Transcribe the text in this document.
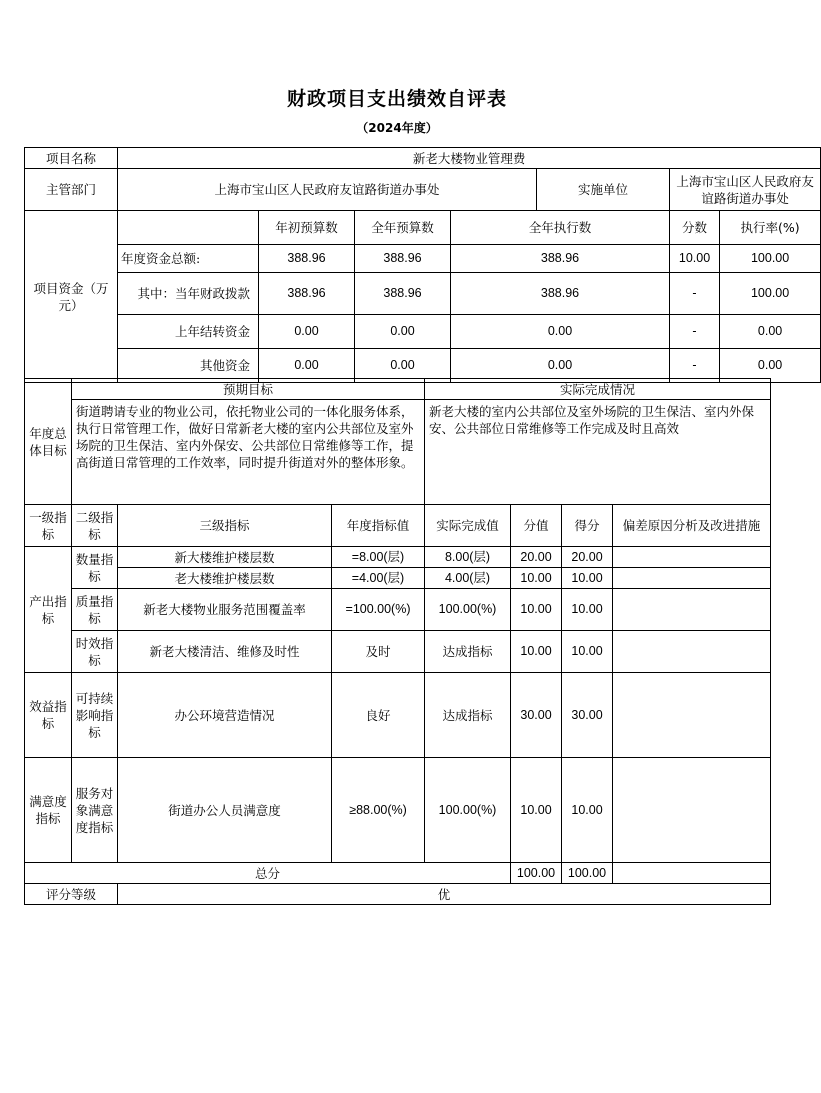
财政项目支出绩效自评表
（2024年度）
项目名称	新老大楼物业管理费						
主管部门	上海市宝山区人民政府友谊路街道办事处				实施单位	上海市宝山区人民政府友谊路街道办事处	
项目资金（万元）		年初预算数	全年预算数	全年执行数		分数	执行率(%)
	年度资金总额:	388.96	388.96	388.96		10.00	100.00
	其中：当年财政拨款	388.96	388.96	388.96		-	100.00
	上年结转资金	0.00	0.00	0.00		-	0.00
	其他资金	0.00	0.00	0.00		-	0.00
年度总体目标	预期目标			实际完成情况			
	街道聘请专业的物业公司，依托物业公司的一体化服务体系，执行日常管理工作，做好日常新老大楼的室内公共部位及室外场院的卫生保洁、室内外保安、公共部位日常维修等工作，提高街道日常管理的工作效率，同时提升街道对外的整体形象。			新老大楼的室内公共部位及室外场院的卫生保洁、室内外保安、公共部位日常维修等工作完成及时且高效			
一级指标	二级指标	三级指标	年度指标值	实际完成值	分值	得分	偏差原因分析及改进措施
产出指标	数量指标	新大楼维护楼层数	=8.00(层)	8.00(层)	20.00	20.00	
		老大楼维护楼层数	=4.00(层)	4.00(层)	10.00	10.00	
	质量指标	新老大楼物业服务范围覆盖率	=100.00(%)	100.00(%)	10.00	10.00	
	时效指标	新老大楼清洁、维修及时性	及时	达成指标	10.00	10.00	
效益指标	可持续影响指标	办公环境营造情况	良好	达成指标	30.00	30.00	
满意度指标	服务对象满意度指标	街道办公人员满意度	≥88.00(%)	100.00(%)	10.00	10.00	
总分					100.00	100.00	
评分等级		优					
